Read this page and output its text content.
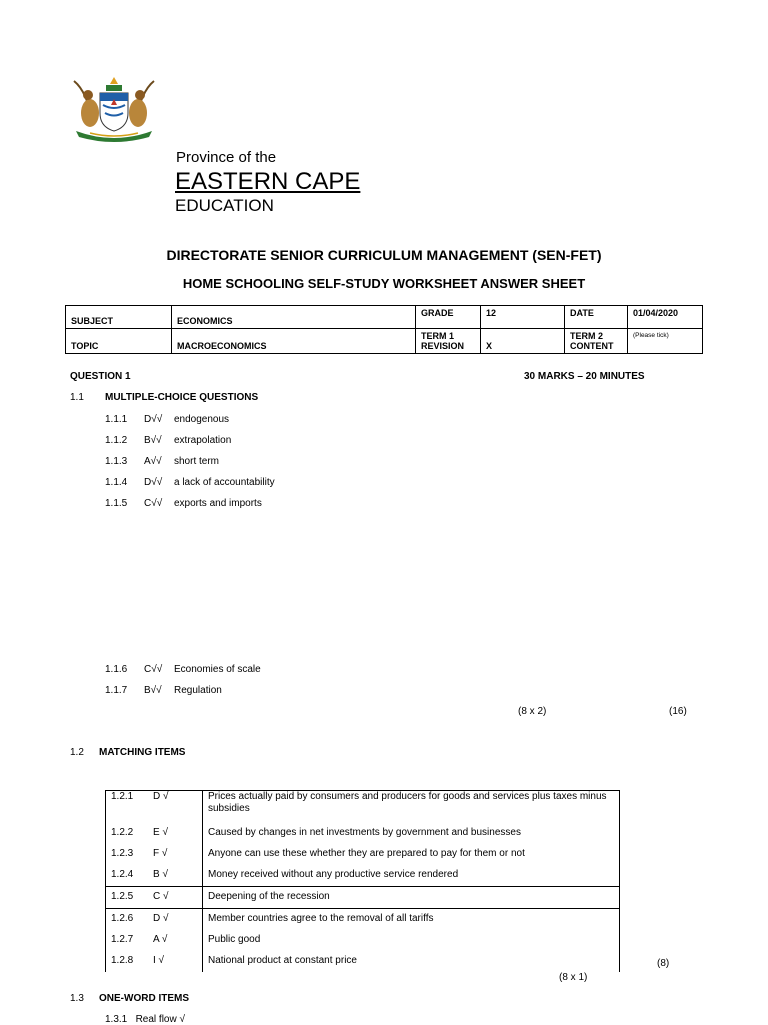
Province of the
EASTERN CAPE
EDUCATION
DIRECTORATE SENIOR CURRICULUM MANAGEMENT (SEN-FET)
HOME SCHOOLING SELF-STUDY WORKSHEET ANSWER SHEET
SUBJECT	ECONOMICS	GRADE	12	DATE	01/04/2020
TOPIC	MACROECONOMICS	TERM 1 REVISION	X	TERM 2 CONTENT	(Please tick)
QUESTION 1	30 MARKS – 20 MINUTES
1.1 MULTIPLE-CHOICE QUESTIONS
1.1.1 D√√ endogenous
1.1.2 B√√ extrapolation
1.1.3 A√√ short term
1.1.4 D√√ a lack of accountability
1.1.5 C√√ exports and imports
1.1.6 C√√ Economies of scale
1.1.7 B√√ Regulation
(8 x 2)	(16)
1.2 MATCHING ITEMS
1.2.1	D √	Prices actually paid by consumers and producers for goods and services plus taxes minus subsidies
1.2.2	E √	Caused by changes in net investments by government and businesses
1.2.3	F √	Anyone can use these whether they are prepared to pay for them or not
1.2.4	B √	Money received without any productive service rendered
1.2.5	C √	Deepening of the recession
1.2.6	D √	Member countries agree to the removal of all tariffs
1.2.7	A √	Public good
1.2.8	I √	National product at constant price	(8)
(8 x 1)
1.3 ONE-WORD ITEMS
1.3.1   Real flow √
